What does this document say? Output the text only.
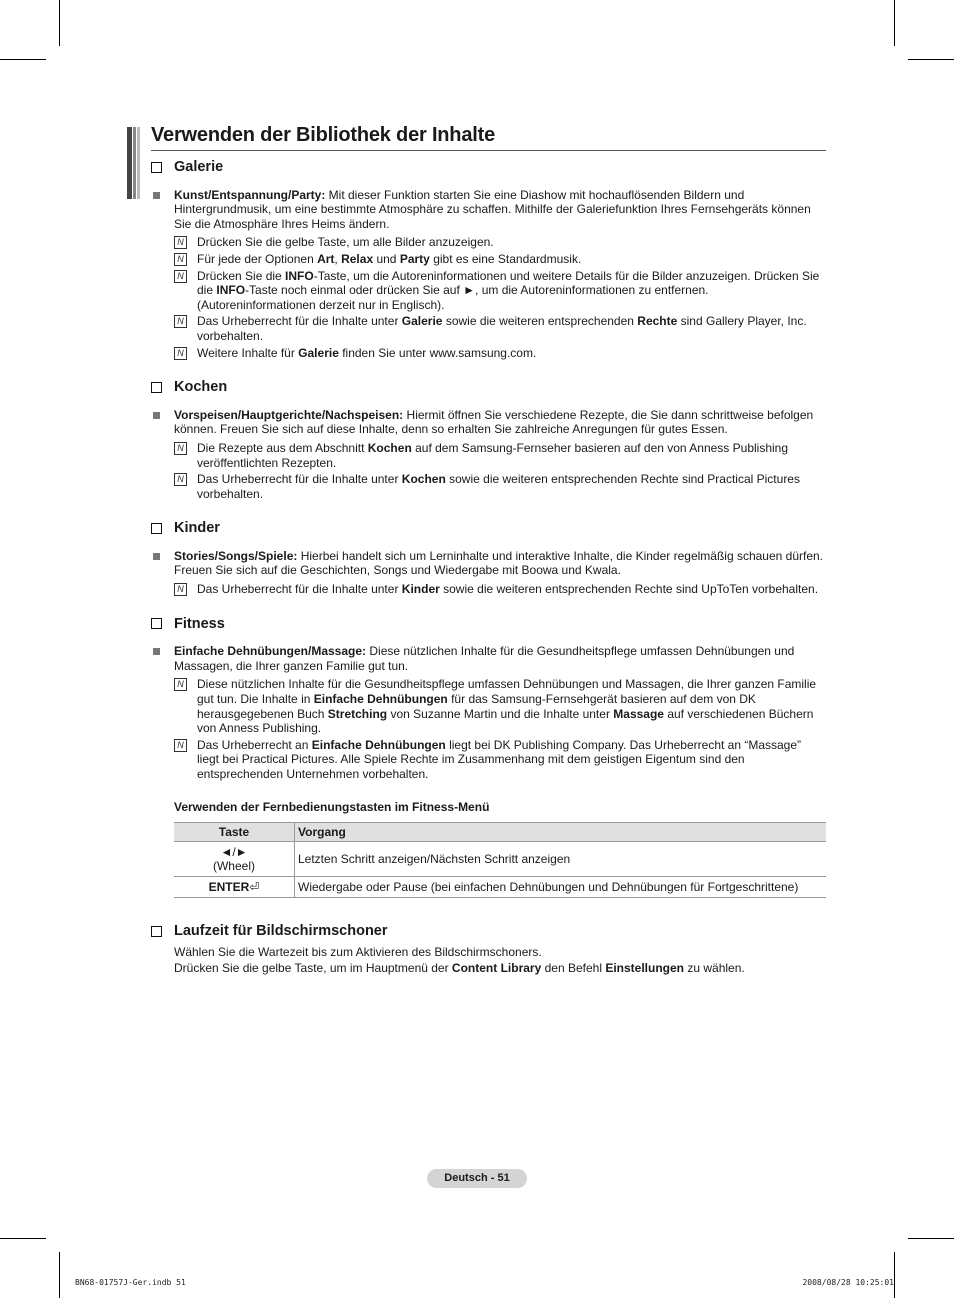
Verwenden der Bibliothek der Inhalte
Galerie
Kunst/Entspannung/Party: Mit dieser Funktion starten Sie eine Diashow mit hochauflösenden Bildern und Hintergrundmusik, um eine bestimmte Atmosphäre zu schaffen. Mithilfe der Galeriefunktion Ihres Fernsehgeräts können Sie die Atmosphäre Ihres Heims ändern.
N Drücken Sie die gelbe Taste, um alle Bilder anzuzeigen.
N Für jede der Optionen Art, Relax und Party gibt es eine Standardmusik.
N Drücken Sie die INFO-Taste, um die Autoreninformationen und weitere Details für die Bilder anzuzeigen. Drücken Sie die INFO-Taste noch einmal oder drücken Sie auf ►, um die Autoreninformationen zu entfernen.(Autoreninformationen derzeit nur in Englisch).
N Das Urheberrecht für die Inhalte unter Galerie sowie die weiteren entsprechenden Rechte sind Gallery Player, Inc. vorbehalten.
N Weitere Inhalte für Galerie finden Sie unter www.samsung.com.
Kochen
Vorspeisen/Hauptgerichte/Nachspeisen: Hiermit öffnen Sie verschiedene Rezepte, die Sie dann schrittweise befolgen können. Freuen Sie sich auf diese Inhalte, denn so erhalten Sie zahlreiche Anregungen für gutes Essen.
N Die Rezepte aus dem Abschnitt Kochen auf dem Samsung-Fernseher basieren auf den von Anness Publishing veröffentlichten Rezepten.
N Das Urheberrecht für die Inhalte unter Kochen sowie die weiteren entsprechenden Rechte sind Practical Pictures vorbehalten.
Kinder
Stories/Songs/Spiele: Hierbei handelt sich um Lerninhalte und interaktive Inhalte, die Kinder regelmäßig schauen dürfen. Freuen Sie sich auf die Geschichten, Songs und Wiedergabe mit Boowa und Kwala.
N Das Urheberrecht für die Inhalte unter Kinder sowie die weiteren entsprechenden Rechte sind UpToTen vorbehalten.
Fitness
Einfache Dehnübungen/Massage: Diese nützlichen Inhalte für die Gesundheitspflege umfassen Dehnübungen und Massagen, die Ihrer ganzen Familie gut tun.
N Diese nützlichen Inhalte für die Gesundheitspflege umfassen Dehnübungen und Massagen, die Ihrer ganzen Familie gut tun. Die Inhalte in Einfache Dehnübungen für das Samsung-Fernsehgerät basieren auf dem von DK herausgegebenen Buch Stretching von Suzanne Martin und die Inhalte unter Massage auf verschiedenen Büchern von Anness Publishing.
N Das Urheberrecht an Einfache Dehnübungen liegt bei DK Publishing Company. Das Urheberrecht an “Massage” liegt bei Practical Pictures. Alle Spiele Rechte im Zusammenhang mit dem geistigen Eigentum sind den entsprechenden Unternehmen vorbehalten.
Verwenden der Fernbedienungstasten im Fitness-Menü
Taste	Vorgang

◄/►
(Wheel)	Letzten Schritt anzeigen/Nächsten Schritt anzeigen
ENTER⏎	Wiedergabe oder Pause (bei einfachen Dehnübungen und Dehnübungen für Fortgeschrittene)
Laufzeit für Bildschirmschoner
Wählen Sie die Wartezeit bis zum Aktivieren des Bildschirmschoners.
Drücken Sie die gelbe Taste, um im Hauptmenü der Content Library den Befehl Einstellungen zu wählen.
Deutsch - 51
BN68-01757J-Ger.indb 51	2008/08/28 10:25:01
